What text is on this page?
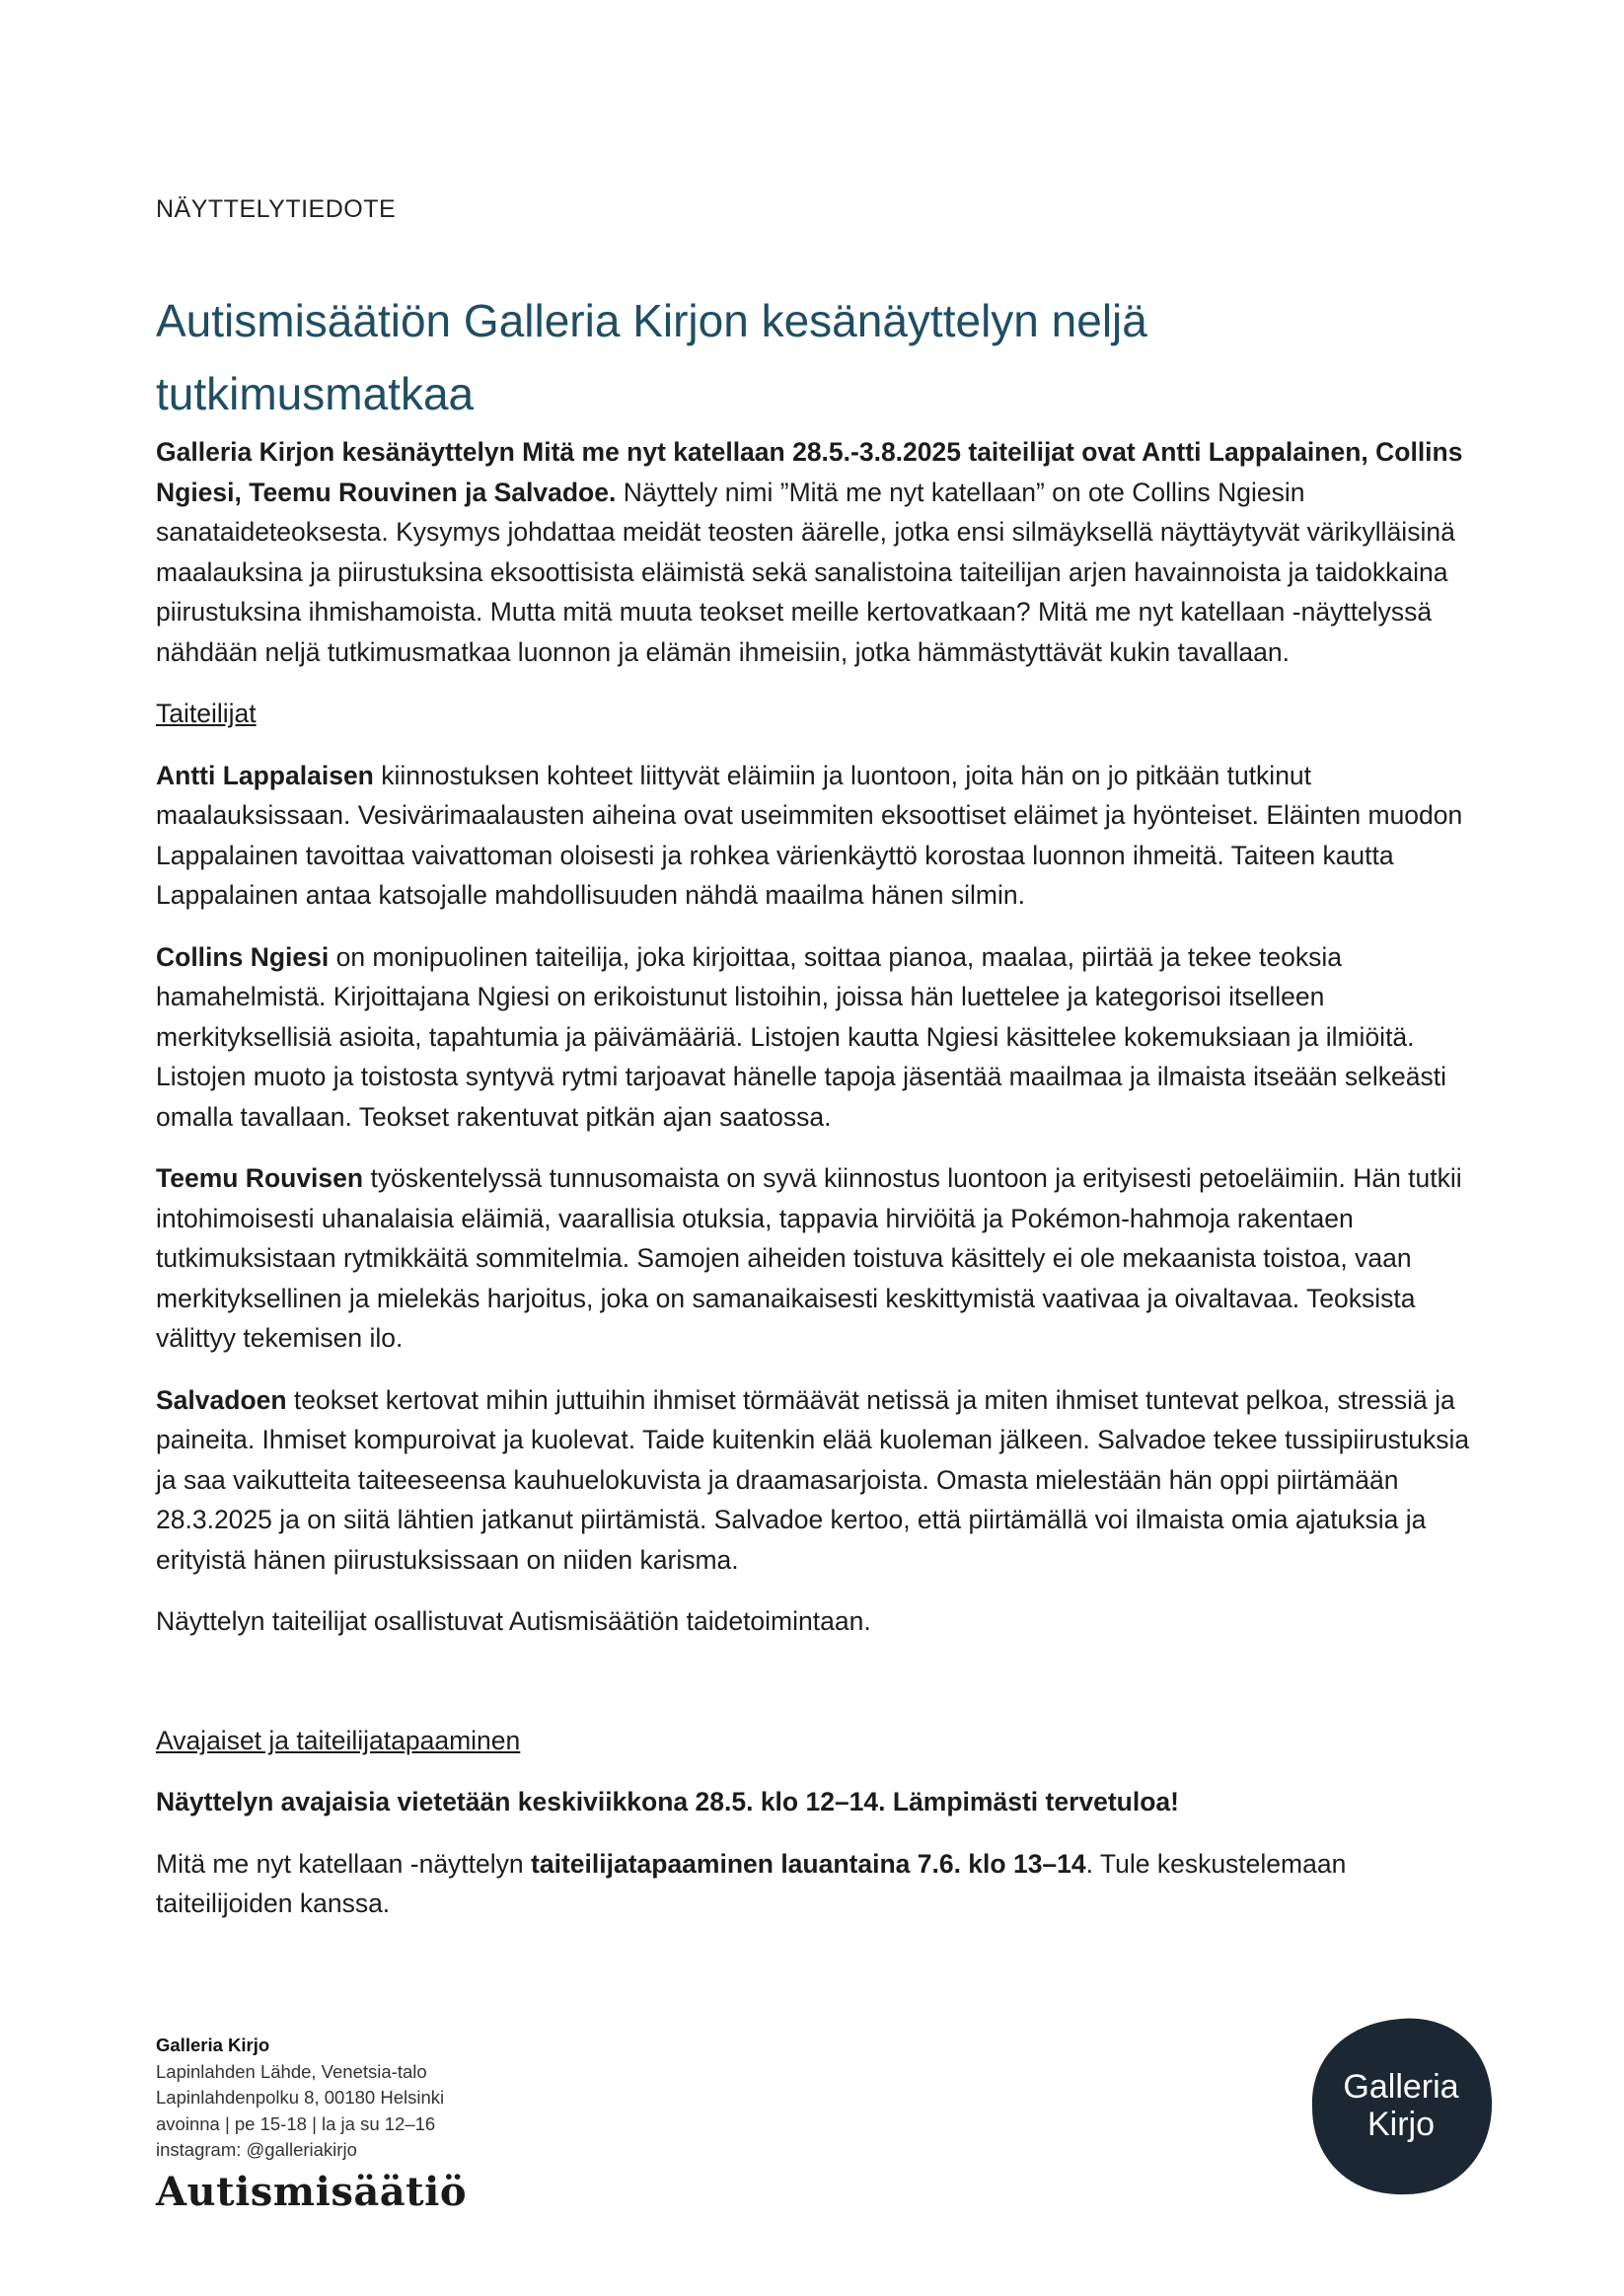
NÄYTTELYTIEDOTE
Autismisäätiön Galleria Kirjon kesänäyttelyn neljä tutkimusmatkaa

Galleria Kirjon kesänäyttelyn Mitä me nyt katellaan 28.5.-3.8.2025 taiteilijat ovat Antti Lappalainen, Collins Ngiesi, Teemu Rouvinen ja Salvadoe. Näyttely nimi ”Mitä me nyt katellaan” on ote Collins Ngiesin sanataideteoksesta. Kysymys johdattaa meidät teosten äärelle, jotka ensi silmäyksellä näyttäytyvät värikylläisinä maalauksina ja piirustuksina eksoottisista eläimistä sekä sanalistoina taiteilijan arjen havainnoista ja taidokkaina piirustuksina ihmishamoista. Mutta mitä muuta teokset meille kertovatkaan? Mitä me nyt katellaan -näyttelyssä nähdään neljä tutkimusmatkaa luonnon ja elämän ihmeisiin, jotka hämmästyttävät kukin tavallaan.

Taiteilijat

Antti Lappalaisen kiinnostuksen kohteet liittyvät eläimiin ja luontoon, joita hän on jo pitkään tutkinut maalauksissaan. Vesivärimaalausten aiheina ovat useimmiten eksoottiset eläimet ja hyönteiset. Eläinten muodon Lappalainen tavoittaa vaivattoman oloisesti ja rohkea värienkäyttö korostaa luonnon ihmeitä. Taiteen kautta Lappalainen antaa katsojalle mahdollisuuden nähdä maailma hänen silmin.

Collins Ngiesi on monipuolinen taiteilija, joka kirjoittaa, soittaa pianoa, maalaa, piirtää ja tekee teoksia hamahelmistä. Kirjoittajana Ngiesi on erikoistunut listoihin, joissa hän luettelee ja kategorisoi itselleen merkityksellisiä asioita, tapahtumia ja päivämääriä. Listojen kautta Ngiesi käsittelee kokemuksiaan ja ilmiöitä. Listojen muoto ja toistosta syntyvä rytmi tarjoavat hänelle tapoja jäsentää maailmaa ja ilmaista itseään selkeästi omalla tavallaan. Teokset rakentuvat pitkän ajan saatossa.

Teemu Rouvisen työskentelyssä tunnusomaista on syvä kiinnostus luontoon ja erityisesti petoeläimiin. Hän tutkii intohimoisesti uhanalaisia eläimiä, vaarallisia otuksia, tappavia hirviöitä ja Pokémon-hahmoja rakentaen tutkimuksistaan rytmikkäitä sommitelmia. Samojen aiheiden toistuva käsittely ei ole mekaanista toistoa, vaan merkityksellinen ja mielekäs harjoitus, joka on samanaikaisesti keskittymistä vaativaa ja oivaltavaa. Teoksista välittyy tekemisen ilo.

Salvadoen teokset kertovat mihin juttuihin ihmiset törmäävät netissä ja miten ihmiset tuntevat pelkoa, stressiä ja paineita. Ihmiset kompuroivat ja kuolevat. Taide kuitenkin elää kuoleman jälkeen. Salvadoe tekee tussipiirustuksia ja saa vaikutteita taiteeseensa kauhuelokuvista ja draamasarjoista. Omasta mielestään hän oppi piirtämään 28.3.2025 ja on siitä lähtien jatkanut piirtämistä. Salvadoe kertoo, että piirtämällä voi ilmaista omia ajatuksia ja erityistä hänen piirustuksissaan on niiden karisma.

Näyttelyn taiteilijat osallistuvat Autismisäätiön taidetoimintaan.

Avajaiset ja taiteilijatapaaminen

Näyttelyn avajaisia vietetään keskiviikkona 28.5. klo 12–14. Lämpimästi tervetuloa!

Mitä me nyt katellaan -näyttelyn taiteilijatapaaminen lauantaina 7.6. klo 13–14. Tule keskustelemaan taiteilijoiden kanssa.

Galleria Kirjo
Lapinlahden Lähde, Venetsia-talo
Lapinlahdenpolku 8, 00180 Helsinki
avoinna | pe 15-18 | la ja su 12–16
instagram: @galleriakirjo
Autismisäätiö
Galleria
Kirjo
